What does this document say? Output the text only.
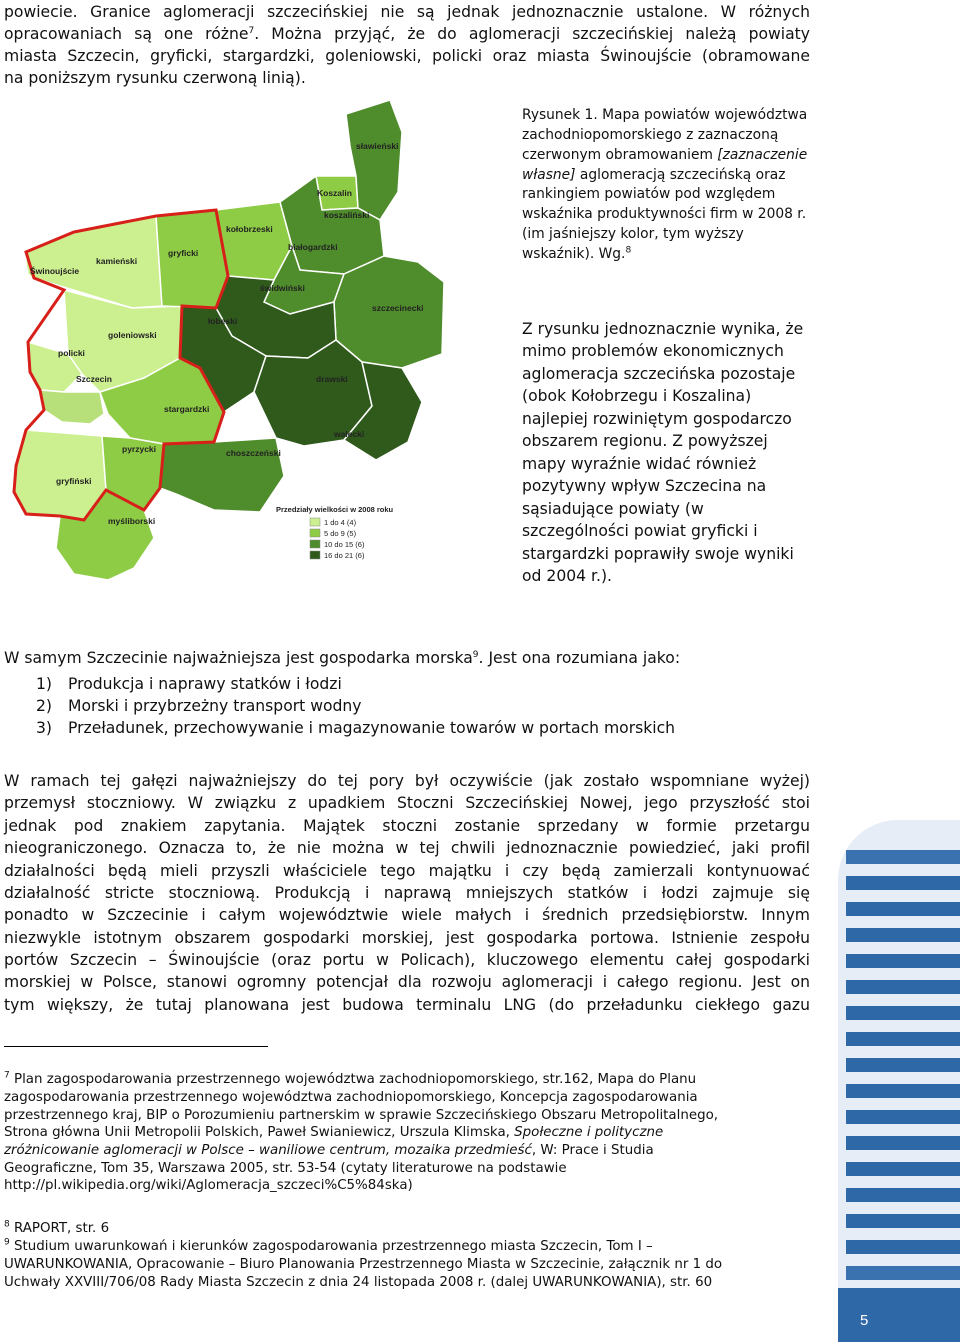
powiecie. Granice aglomeracji szczecińskiej nie są jednak jednoznacznie ustalone. W różnych

opracowaniach są one różne$^7$. Można przyjąć, że do aglomeracji szczecińskiej należą powiaty

miasta Szczecin, gryficki, stargardzki, goleniowski, policki oraz miasta Świnoujście (obramowane

na poniższym rysunku czerwoną linią).

sławieński
Koszalin
koszaliński
kołobrzeski
białogardzki
gryficki
kamieński
Świnoujście
świdwiński
szczecinecki
łobeski
goleniowski
policki
Szczecin	drawski
stargardzki
wałecki
pyrzycki	choszczeński
gryfiński
myśliborski
Przedziały wielkości w 2008 roku
1 do 4 (4)
5 do 9 (5)
10 do 15 (6)
16 do 21 (6)

Rysunek 1. Mapa powiatów województwa zachodniopomorskiego z zaznaczoną czerwonym obramowaniem [zaznaczenie własne] aglomeracją szczecińską oraz rankingiem powiatów pod względem wskaźnika produktywności firm w 2008 r. (im jaśniejszy kolor, tym wyższy wskaźnik). Wg.$^8$

Z rysunku jednoznacznie wynika, że mimo problemów ekonomicznych aglomeracja szczecińska pozostaje (obok Kołobrzegu i Koszalina) najlepiej rozwiniętym gospodarczo obszarem regionu. Z powyższej mapy wyraźnie widać również pozytywny wpływ Szczecina na sąsiadujące powiaty (w szczególności powiat gryficki i stargardzki poprawiły swoje wyniki od 2004 r.).

W samym Szczecinie najważniejsza jest gospodarka morska$^9$. Jest ona rozumiana jako:

1) Produkcja i naprawy statków i łodzi

2) Morski i przybrzeżny transport wodny

3) Przeładunek, przechowywanie i magazynowanie towarów w portach morskich

W ramach tej gałęzi najważniejszy do tej pory był oczywiście (jak zostało wspomniane wyżej)

przemysł stoczniowy. W związku z upadkiem Stoczni Szczecińskiej Nowej, jego przyszłość stoi

jednak pod znakiem zapytania. Majątek stoczni zostanie sprzedany w formie przetargu

nieograniczonego. Oznacza to, że nie można w tej chwili jednoznacznie powiedzieć, jaki profil

działalności będą mieli przyszli właściciele tego majątku i czy będą zamierzali kontynuować

działalność stricte stoczniową. Produkcją i naprawą mniejszych statków i łodzi zajmuje się

ponadto w Szczecinie i całym województwie wiele małych i średnich przedsiębiorstw. Innym

niezwykle istotnym obszarem gospodarki morskiej, jest gospodarka portowa. Istnienie zespołu

portów Szczecin – Świnoujście (oraz portu w Policach), kluczowego elementu całej gospodarki

morskiej w Polsce, stanowi ogromny potencjał dla rozwoju aglomeracji i całego regionu. Jest on

tym większy, że tutaj planowana jest budowa terminalu LNG (do przeładunku ciekłego gazu

$^7$ Plan zagospodarowania przestrzennego województwa zachodniopomorskiego, str.162, Mapa do Planu

zagospodarowania przestrzennego województwa zachodniopomorskiego, Koncepcja zagospodarowania

przestrzennego kraj, BIP o Porozumieniu partnerskim w sprawie Szczecińskiego Obszaru Metropolitalnego,

Strona główna Unii Metropolii Polskich, Paweł Swianiewicz, Urszula Klimska, Społeczne i polityczne

zróżnicowanie aglomeracji w Polsce – waniliowe centrum, mozaika przedmieść, W: Prace i Studia

Geograficzne, Tom 35, Warszawa 2005, str. 53-54 (cytaty literaturowe na podstawie

http://pl.wikipedia.org/wiki/Aglomeracja_szczeci%C5%84ska)

$^8$ RAPORT, str. 6

$^9$ Studium uwarunkowań i kierunków zagospodarowania przestrzennego miasta Szczecin, Tom I –

UWARUNKOWANIA, Opracowanie – Biuro Planowania Przestrzennego Miasta w Szczecinie, załącznik nr 1 do

Uchwały XXVIII/706/08 Rady Miasta Szczecin z dnia 24 listopada 2008 r. (dalej UWARUNKOWANIA), str. 60

5
